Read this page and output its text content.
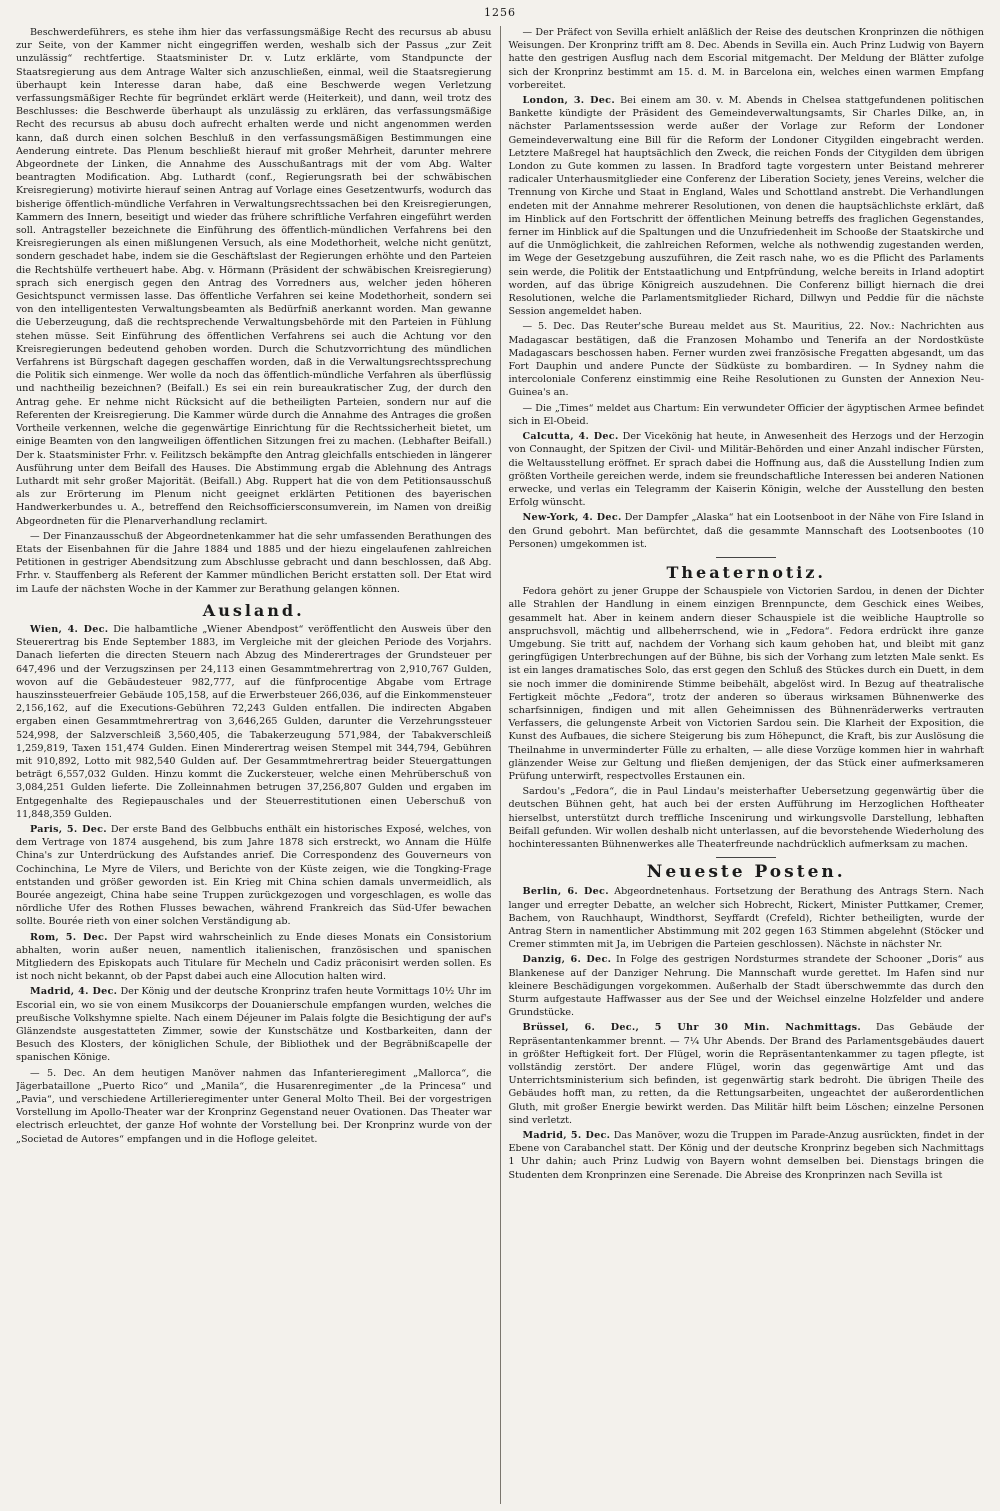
1256

Beschwerdeführers, es stehe ihm hier das verfassungsmäßige Recht des recursus ab abusu zur Seite, von der Kammer nicht eingegriffen werden, weshalb sich der Passus „zur Zeit unzulässig“ rechtfertige. Staatsminister Dr. v. Lutz erklärte, vom Standpuncte der Staatsregierung aus dem Antrage Walter sich anzuschließen, einmal, weil die Staatsregierung überhaupt kein Interesse daran habe, daß eine Beschwerde wegen Verletzung verfassungsmäßiger Rechte für begründet erklärt werde (Heiterkeit), und dann, weil trotz des Beschlusses: die Beschwerde überhaupt als unzulässig zu erklären, das verfassungsmäßige Recht des recursus ab abusu doch aufrecht erhalten werde und nicht angenommen werden kann, daß durch einen solchen Beschluß in den verfassungsmäßigen Bestimmungen eine Aenderung eintrete. Das Plenum beschließt hierauf mit großer Mehrheit, darunter mehrere Abgeordnete der Linken, die Annahme des Ausschußantrags mit der vom Abg. Walter beantragten Modification. Abg. Luthardt (conf., Regierungsrath bei der schwäbischen Kreisregierung) motivirte hierauf seinen Antrag auf Vorlage eines Gesetzentwurfs, wodurch das bisherige öffentlich-mündliche Verfahren in Verwaltungsrechtssachen bei den Kreisregierungen, Kammern des Innern, beseitigt und wieder das frühere schriftliche Verfahren eingeführt werden soll. Antragsteller bezeichnete die Einführung des öffentlich-mündlichen Verfahrens bei den Kreisregierungen als einen mißlungenen Versuch, als eine Modethorheit, welche nicht genützt, sondern geschadet habe, indem sie die Geschäftslast der Regierungen erhöhte und den Parteien die Rechtshülfe vertheuert habe. Abg. v. Hörmann (Präsident der schwäbischen Kreisregierung) sprach sich energisch gegen den Antrag des Vorredners aus, welcher jeden höheren Gesichtspunct vermissen lasse. Das öffentliche Verfahren sei keine Modethorheit, sondern sei von den intelligentesten Verwaltungsbeamten als Bedürfniß anerkannt worden. Man gewanne die Ueberzeugung, daß die rechtsprechende Verwaltungsbehörde mit den Parteien in Fühlung stehen müsse. Seit Einführung des öffentlichen Verfahrens sei auch die Achtung vor den Kreisregierungen bedeutend gehoben worden. Durch die Schutzvorrichtung des mündlichen Verfahrens ist Bürgschaft dagegen geschaffen worden, daß in die Verwaltungsrechtssprechung die Politik sich einmenge. Wer wolle da noch das öffentlich-mündliche Verfahren als überflüssig und nachtheilig bezeichnen? (Beifall.) Es sei ein rein bureaukratischer Zug, der durch den Antrag gehe. Er nehme nicht Rücksicht auf die betheiligten Parteien, sondern nur auf die Referenten der Kreisregierung. Die Kammer würde durch die Annahme des Antrages die großen Vortheile verkennen, welche die gegenwärtige Einrichtung für die Rechtssicherheit bietet, um einige Beamten von den langweiligen öffentlichen Sitzungen frei zu machen. (Lebhafter Beifall.) Der k. Staatsminister Frhr. v. Feilitzsch bekämpfte den Antrag gleichfalls entschieden in längerer Ausführung unter dem Beifall des Hauses. Die Abstimmung ergab die Ablehnung des Antrags Luthardt mit sehr großer Majorität. (Beifall.) Abg. Ruppert hat die von dem Petitionsausschuß als zur Erörterung im Plenum nicht geeignet erklärten Petitionen des bayerischen Handwerkerbundes u. A., betreffend den Reichsofficiersconsumverein, im Namen von dreißig Abgeordneten für die Plenarverhandlung reclamirt.

— Der Finanzausschuß der Abgeordnetenkammer hat die sehr umfassenden Berathungen des Etats der Eisenbahnen für die Jahre 1884 und 1885 und der hiezu eingelaufenen zahlreichen Petitionen in gestriger Abendsitzung zum Abschlusse gebracht und dann beschlossen, daß Abg. Frhr. v. Stauffenberg als Referent der Kammer mündlichen Bericht erstatten soll. Der Etat wird im Laufe der nächsten Woche in der Kammer zur Berathung gelangen können.

Ausland.

Wien, 4. Dec. Die halbamtliche „Wiener Abendpost“ veröffentlicht den Ausweis über den Steuerertrag bis Ende September 1883, im Vergleiche mit der gleichen Periode des Vorjahrs. Danach lieferten die directen Steuern nach Abzug des Minderertrages der Grundsteuer per 647,496 und der Verzugszinsen per 24,113 einen Gesammtmehrertrag von 2,910,767 Gulden, wovon auf die Gebäudesteuer 982,777, auf die fünfprocentige Abgabe vom Ertrage hauszinssteuerfreier Gebäude 105,158, auf die Erwerbsteuer 266,036, auf die Einkommensteuer 2,156,162, auf die Executions-Gebühren 72,243 Gulden entfallen. Die indirecten Abgaben ergaben einen Gesammtmehrertrag von 3,646,265 Gulden, darunter die Verzehrungssteuer 524,998, der Salzverschleiß 3,560,405, die Tabakerzeugung 571,984, der Tabakverschleiß 1,259,819, Taxen 151,474 Gulden. Einen Minderertrag weisen Stempel mit 344,794, Gebühren mit 910,892, Lotto mit 982,540 Gulden auf. Der Gesammtmehrertrag beider Steuergattungen beträgt 6,557,032 Gulden. Hinzu kommt die Zuckersteuer, welche einen Mehrüberschuß von 3,084,251 Gulden lieferte. Die Zolleinnahmen betrugen 37,256,807 Gulden und ergaben im Entgegenhalte des Regiepauschales und der Steuerrestitutionen einen Ueberschuß von 11,848,359 Gulden.

Paris, 5. Dec. Der erste Band des Gelbbuchs enthält ein historisches Exposé, welches, von dem Vertrage von 1874 ausgehend, bis zum Jahre 1878 sich erstreckt, wo Annam die Hülfe China's zur Unterdrückung des Aufstandes anrief. Die Correspondenz des Gouverneurs von Cochinchina, Le Myre de Vilers, und Berichte von der Küste zeigen, wie die Tongking-Frage entstanden und größer geworden ist. Ein Krieg mit China schien damals unvermeidlich, als Bourée angezeigt, China habe seine Truppen zurückgezogen und vorgeschlagen, es wolle das nördliche Ufer des Rothen Flusses bewachen, während Frankreich das Süd-Ufer bewachen sollte. Bourée rieth von einer solchen Verständigung ab.

Rom, 5. Dec. Der Papst wird wahrscheinlich zu Ende dieses Monats ein Consistorium abhalten, worin außer neuen, namentlich italienischen, französischen und spanischen Mitgliedern des Episkopats auch Titulare für Mecheln und Cadiz präconisirt werden sollen. Es ist noch nicht bekannt, ob der Papst dabei auch eine Allocution halten wird.

Madrid, 4. Dec. Der König und der deutsche Kronprinz trafen heute Vormittags 10½ Uhr im Escorial ein, wo sie von einem Musikcorps der Douanierschule empfangen wurden, welches die preußische Volkshymne spielte. Nach einem Déjeuner im Palais folgte die Besichtigung der auf's Glänzendste ausgestatteten Zimmer, sowie der Kunstschätze und Kostbarkeiten, dann der Besuch des Klosters, der königlichen Schule, der Bibliothek und der Begräbnißcapelle der spanischen Könige.

— 5. Dec. An dem heutigen Manöver nahmen das Infanterieregiment „Mallorca“, die Jägerbataillone „Puerto Rico“ und „Manila“, die Husarenregimenter „de la Princesa“ und „Pavia“, und verschiedene Artillerieregimenter unter General Molto Theil. Bei der vorgestrigen Vorstellung im Apollo-Theater war der Kronprinz Gegenstand neuer Ovationen. Das Theater war electrisch erleuchtet, der ganze Hof wohnte der Vorstellung bei. Der Kronprinz wurde von der „Societad de Autores“ empfangen und in die Hofloge geleitet.

— Der Präfect von Sevilla erhielt anläßlich der Reise des deutschen Kronprinzen die nöthigen Weisungen. Der Kronprinz trifft am 8. Dec. Abends in Sevilla ein. Auch Prinz Ludwig von Bayern hatte den gestrigen Ausflug nach dem Escorial mitgemacht. Der Meldung der Blätter zufolge sich der Kronprinz bestimmt am 15. d. M. in Barcelona ein, welches einen warmen Empfang vorbereitet.

London, 3. Dec. Bei einem am 30. v. M. Abends in Chelsea stattgefundenen politischen Bankette kündigte der Präsident des Gemeindeverwaltungsamts, Sir Charles Dilke, an, in nächster Parlamentssession werde außer der Vorlage zur Reform der Londoner Gemeindeverwaltung eine Bill für die Reform der Londoner Citygilden eingebracht werden. Letztere Maßregel hat hauptsächlich den Zweck, die reichen Fonds der Citygilden dem übrigen London zu Gute kommen zu lassen. In Bradford tagte vorgestern unter Beistand mehrerer radicaler Unterhausmitglieder eine Conferenz der Liberation Society, jenes Vereins, welcher die Trennung von Kirche und Staat in England, Wales und Schottland anstrebt. Die Verhandlungen endeten mit der Annahme mehrerer Resolutionen, von denen die hauptsächlichste erklärt, daß im Hinblick auf den Fortschritt der öffentlichen Meinung betreffs des fraglichen Gegenstandes, ferner im Hinblick auf die Spaltungen und die Unzufriedenheit im Schooße der Staatskirche und auf die Unmöglichkeit, die zahlreichen Reformen, welche als nothwendig zugestanden werden, im Wege der Gesetzgebung auszuführen, die Zeit rasch nahe, wo es die Pflicht des Parlaments sein werde, die Politik der Entstaatlichung und Entpfründung, welche bereits in Irland adoptirt worden, auf das übrige Königreich auszudehnen. Die Conferenz billigt hiernach die drei Resolutionen, welche die Parlamentsmitglieder Richard, Dillwyn und Peddie für die nächste Session angemeldet haben.

— 5. Dec. Das Reuter'sche Bureau meldet aus St. Mauritius, 22. Nov.: Nachrichten aus Madagascar bestätigen, daß die Franzosen Mohambo und Tenerifa an der Nordostküste Madagascars beschossen haben. Ferner wurden zwei französische Fregatten abgesandt, um das Fort Dauphin und andere Puncte der Südküste zu bombardiren. — In Sydney nahm die intercoloniale Conferenz einstimmig eine Reihe Resolutionen zu Gunsten der Annexion Neu-Guinea's an.

— Die „Times“ meldet aus Chartum: Ein verwundeter Officier der ägyptischen Armee befindet sich in El-Obeid.

Calcutta, 4. Dec. Der Vicekönig hat heute, in Anwesenheit des Herzogs und der Herzogin von Connaught, der Spitzen der Civil- und Militär-Behörden und einer Anzahl indischer Fürsten, die Weltausstellung eröffnet. Er sprach dabei die Hoffnung aus, daß die Ausstellung Indien zum größten Vortheile gereichen werde, indem sie freundschaftliche Interessen bei anderen Nationen erwecke, und verlas ein Telegramm der Kaiserin Königin, welche der Ausstellung den besten Erfolg wünscht.

New-York, 4. Dec. Der Dampfer „Alaska“ hat ein Lootsenboot in der Nähe von Fire Island in den Grund gebohrt. Man befürchtet, daß die gesammte Mannschaft des Lootsenbootes (10 Personen) umgekommen ist.

Theaternotiz.

Fedora gehört zu jener Gruppe der Schauspiele von Victorien Sardou, in denen der Dichter alle Strahlen der Handlung in einem einzigen Brennpuncte, dem Geschick eines Weibes, gesammelt hat. Aber in keinem andern dieser Schauspiele ist die weibliche Hauptrolle so anspruchsvoll, mächtig und allbeherrschend, wie in „Fedora“. Fedora erdrückt ihre ganze Umgebung. Sie tritt auf, nachdem der Vorhang sich kaum gehoben hat, und bleibt mit ganz geringfügigen Unterbrechungen auf der Bühne, bis sich der Vorhang zum letzten Male senkt. Es ist ein langes dramatisches Solo, das erst gegen den Schluß des Stückes durch ein Duett, in dem sie noch immer die dominirende Stimme beibehält, abgelöst wird. In Bezug auf theatralische Fertigkeit möchte „Fedora“, trotz der anderen so überaus wirksamen Bühnenwerke des scharfsinnigen, findigen und mit allen Geheimnissen des Bühnenräderwerks vertrauten Verfassers, die gelungenste Arbeit von Victorien Sardou sein. Die Klarheit der Exposition, die Kunst des Aufbaues, die sichere Steigerung bis zum Höhepunct, die Kraft, bis zur Auslösung die Theilnahme in unverminderter Fülle zu erhalten, — alle diese Vorzüge kommen hier in wahrhaft glänzender Weise zur Geltung und fließen demjenigen, der das Stück einer aufmerksameren Prüfung unterwirft, respectvolles Erstaunen ein.

Sardou's „Fedora“, die in Paul Lindau's meisterhafter Uebersetzung gegenwärtig über die deutschen Bühnen geht, hat auch bei der ersten Aufführung im Herzoglichen Hoftheater hierselbst, unterstützt durch treffliche Inscenirung und wirkungsvolle Darstellung, lebhaften Beifall gefunden. Wir wollen deshalb nicht unterlassen, auf die bevorstehende Wiederholung des hochinteressanten Bühnenwerkes alle Theaterfreunde nachdrücklich aufmerksam zu machen.

Neueste Posten.

Berlin, 6. Dec. Abgeordnetenhaus. Fortsetzung der Berathung des Antrags Stern. Nach langer und erregter Debatte, an welcher sich Hobrecht, Rickert, Minister Puttkamer, Cremer, Bachem, von Rauchhaupt, Windthorst, Seyffardt (Crefeld), Richter betheiligten, wurde der Antrag Stern in namentlicher Abstimmung mit 202 gegen 163 Stimmen abgelehnt (Stöcker und Cremer stimmten mit Ja, im Uebrigen die Parteien geschlossen). Nächste in nächster Nr.

Danzig, 6. Dec. In Folge des gestrigen Nordsturmes strandete der Schooner „Doris“ aus Blankenese auf der Danziger Nehrung. Die Mannschaft wurde gerettet. Im Hafen sind nur kleinere Beschädigungen vorgekommen. Außerhalb der Stadt überschwemmte das durch den Sturm aufgestaute Haffwasser aus der See und der Weichsel einzelne Holzfelder und andere Grundstücke.

Brüssel, 6. Dec., 5 Uhr 30 Min. Nachmittags. Das Gebäude der Repräsentantenkammer brennt. — 7¼ Uhr Abends. Der Brand des Parlamentsgebäudes dauert in größter Heftigkeit fort. Der Flügel, worin die Repräsentantenkammer zu tagen pflegte, ist vollständig zerstört. Der andere Flügel, worin das gegenwärtige Amt und das Unterrichtsministerium sich befinden, ist gegenwärtig stark bedroht. Die übrigen Theile des Gebäudes hofft man, zu retten, da die Rettungsarbeiten, ungeachtet der außerordentlichen Gluth, mit großer Energie bewirkt werden. Das Militär hilft beim Löschen; einzelne Personen sind verletzt.

Madrid, 5. Dec. Das Manöver, wozu die Truppen im Parade-Anzug ausrückten, findet in der Ebene von Carabanchel statt. Der König und der deutsche Kronprinz begeben sich Nachmittags 1 Uhr dahin; auch Prinz Ludwig von Bayern wohnt demselben bei. Dienstags bringen die Studenten dem Kronprinzen eine Serenade. Die Abreise des Kronprinzen nach Sevilla ist
